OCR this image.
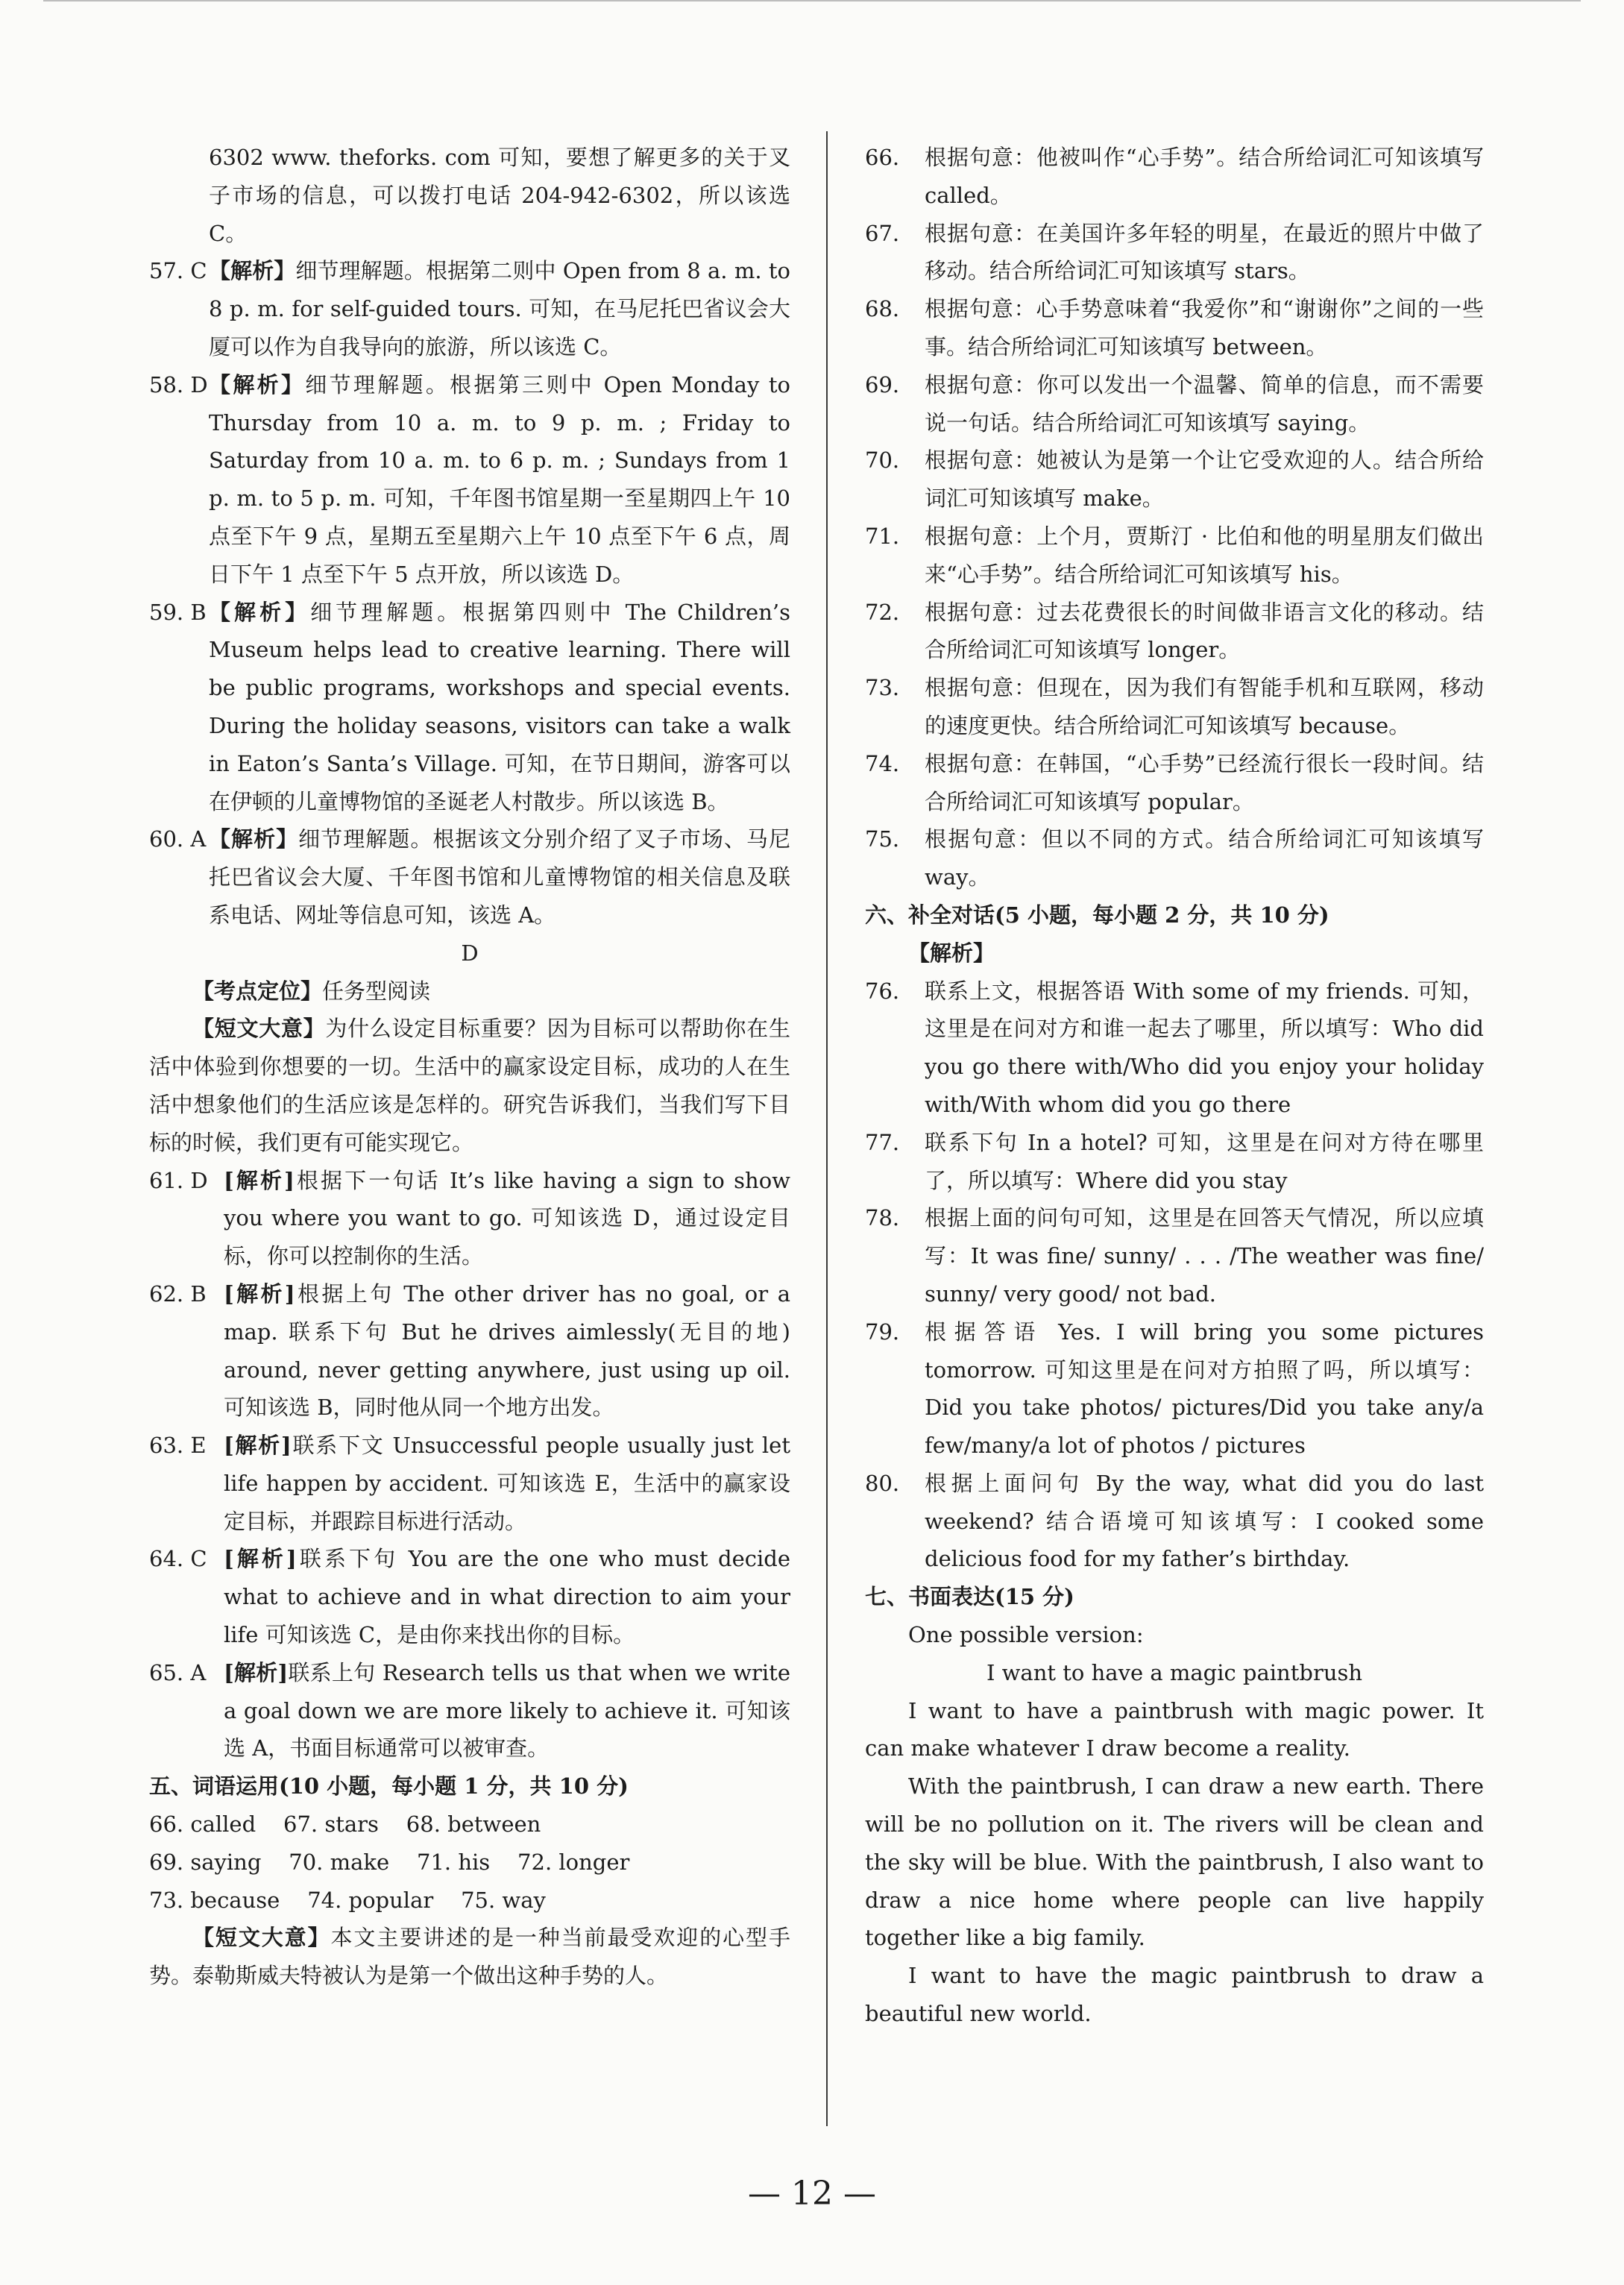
6302 www. theforks. com 可知，要想了解更多的关于叉子市场的信息，可以拨打电话 204-942-6302，所以该选 C。

57. C 【解析】细节理解题。根据第二则中 Open from 8 a. m. to 8 p. m. for self-guided tours. 可知，在马尼托巴省议会大厦可以作为自我导向的旅游，所以该选 C。

58. D 【解析】细节理解题。根据第三则中 Open Monday to Thursday from 10 a. m. to 9 p. m. ; Friday to Saturday from 10 a. m. to 6 p. m. ; Sundays from 1 p. m. to 5 p. m. 可知，千年图书馆星期一至星期四上午 10 点至下午 9 点，星期五至星期六上午 10 点至下午 6 点，周日下午 1 点至下午 5 点开放，所以该选 D。

59. B 【解析】细节理解题。根据第四则中 The Children’s Museum helps lead to creative learning. There will be public programs, workshops and special events. During the holiday seasons, visitors can take a walk in Eaton’s Santa’s Village. 可知，在节日期间，游客可以在伊顿的儿童博物馆的圣诞老人村散步。所以该选 B。

60. A 【解析】细节理解题。根据该文分别介绍了叉子市场、马尼托巴省议会大厦、千年图书馆和儿童博物馆的相关信息及联系电话、网址等信息可知，该选 A。

D

【考点定位】任务型阅读

【短文大意】为什么设定目标重要？因为目标可以帮助你在生活中体验到你想要的一切。生活中的赢家设定目标，成功的人在生活中想象他们的生活应该是怎样的。研究告诉我们，当我们写下目标的时候，我们更有可能实现它。

61. D [解析]根据下一句话 It’s like having a sign to show you where you want to go. 可知该选 D，通过设定目标，你可以控制你的生活。

62. B [解析]根据上句 The other driver has no goal, or a map. 联系下句 But he drives aimlessly(无目的地) around, never getting anywhere, just using up oil. 可知该选 B，同时他从同一个地方出发。

63. E [解析]联系下文 Unsuccessful people usually just let life happen by accident. 可知该选 E，生活中的赢家设定目标，并跟踪目标进行活动。

64. C [解析]联系下句 You are the one who must decide what to achieve and in what direction to aim your life 可知该选 C，是由你来找出你的目标。

65. A [解析]联系上句 Research tells us that when we write a goal down we are more likely to achieve it. 可知该选 A，书面目标通常可以被审查。

五、词语运用(10 小题，每小题 1 分，共 10 分)

66. called    67. stars    68. between

69. saying    70. make    71. his    72. longer

73. because    74. popular    75. way

【短文大意】本文主要讲述的是一种当前最受欢迎的心型手势。泰勒斯威夫特被认为是第一个做出这种手势的人。

66. 根据句意：他被叫作“心手势”。结合所给词汇可知该填写 called。

67. 根据句意：在美国许多年轻的明星，在最近的照片中做了移动。结合所给词汇可知该填写 stars。

68. 根据句意：心手势意味着“我爱你”和“谢谢你”之间的一些事。结合所给词汇可知该填写 between。

69. 根据句意：你可以发出一个温馨、简单的信息，而不需要说一句话。结合所给词汇可知该填写 saying。

70. 根据句意：她被认为是第一个让它受欢迎的人。结合所给词汇可知该填写 make。

71. 根据句意：上个月，贾斯汀 · 比伯和他的明星朋友们做出来“心手势”。结合所给词汇可知该填写 his。

72. 根据句意：过去花费很长的时间做非语言文化的移动。结合所给词汇可知该填写 longer。

73. 根据句意：但现在，因为我们有智能手机和互联网，移动的速度更快。结合所给词汇可知该填写 because。

74. 根据句意：在韩国，“心手势”已经流行很长一段时间。结合所给词汇可知该填写 popular。

75. 根据句意：但以不同的方式。结合所给词汇可知该填写 way。

六、补全对话(5 小题，每小题 2 分，共 10 分)

【解析】

76. 联系上文，根据答语 With some of my friends. 可知，这里是在问对方和谁一起去了哪里，所以填写：Who did you go there with/Who did you enjoy your holiday with/With whom did you go there

77. 联系下句 In a hotel? 可知，这里是在问对方待在哪里了，所以填写：Where did you stay

78. 根据上面的问句可知，这里是在回答天气情况，所以应填写：It was fine/ sunny/ . . . /The weather was fine/ sunny/ very good/ not bad.

79. 根据答语 Yes. I will bring you some pictures tomorrow. 可知这里是在问对方拍照了吗，所以填写：Did you take photos/ pictures/Did you take any/a few/many/a lot of photos / pictures

80. 根据上面问句 By the way, what did you do last weekend? 结合语境可知该填写：I cooked some delicious food for my father’s birthday.

七、书面表达(15 分)

One possible version:

I want to have a magic paintbrush

I want to have a paintbrush with magic power. It can make whatever I draw become a reality.

With the paintbrush, I can draw a new earth. There will be no pollution on it. The rivers will be clean and the sky will be blue. With the paintbrush, I also want to draw a nice home where people can live happily together like a big family.

I want to have the magic paintbrush to draw a beautiful new world.

— 12 —
